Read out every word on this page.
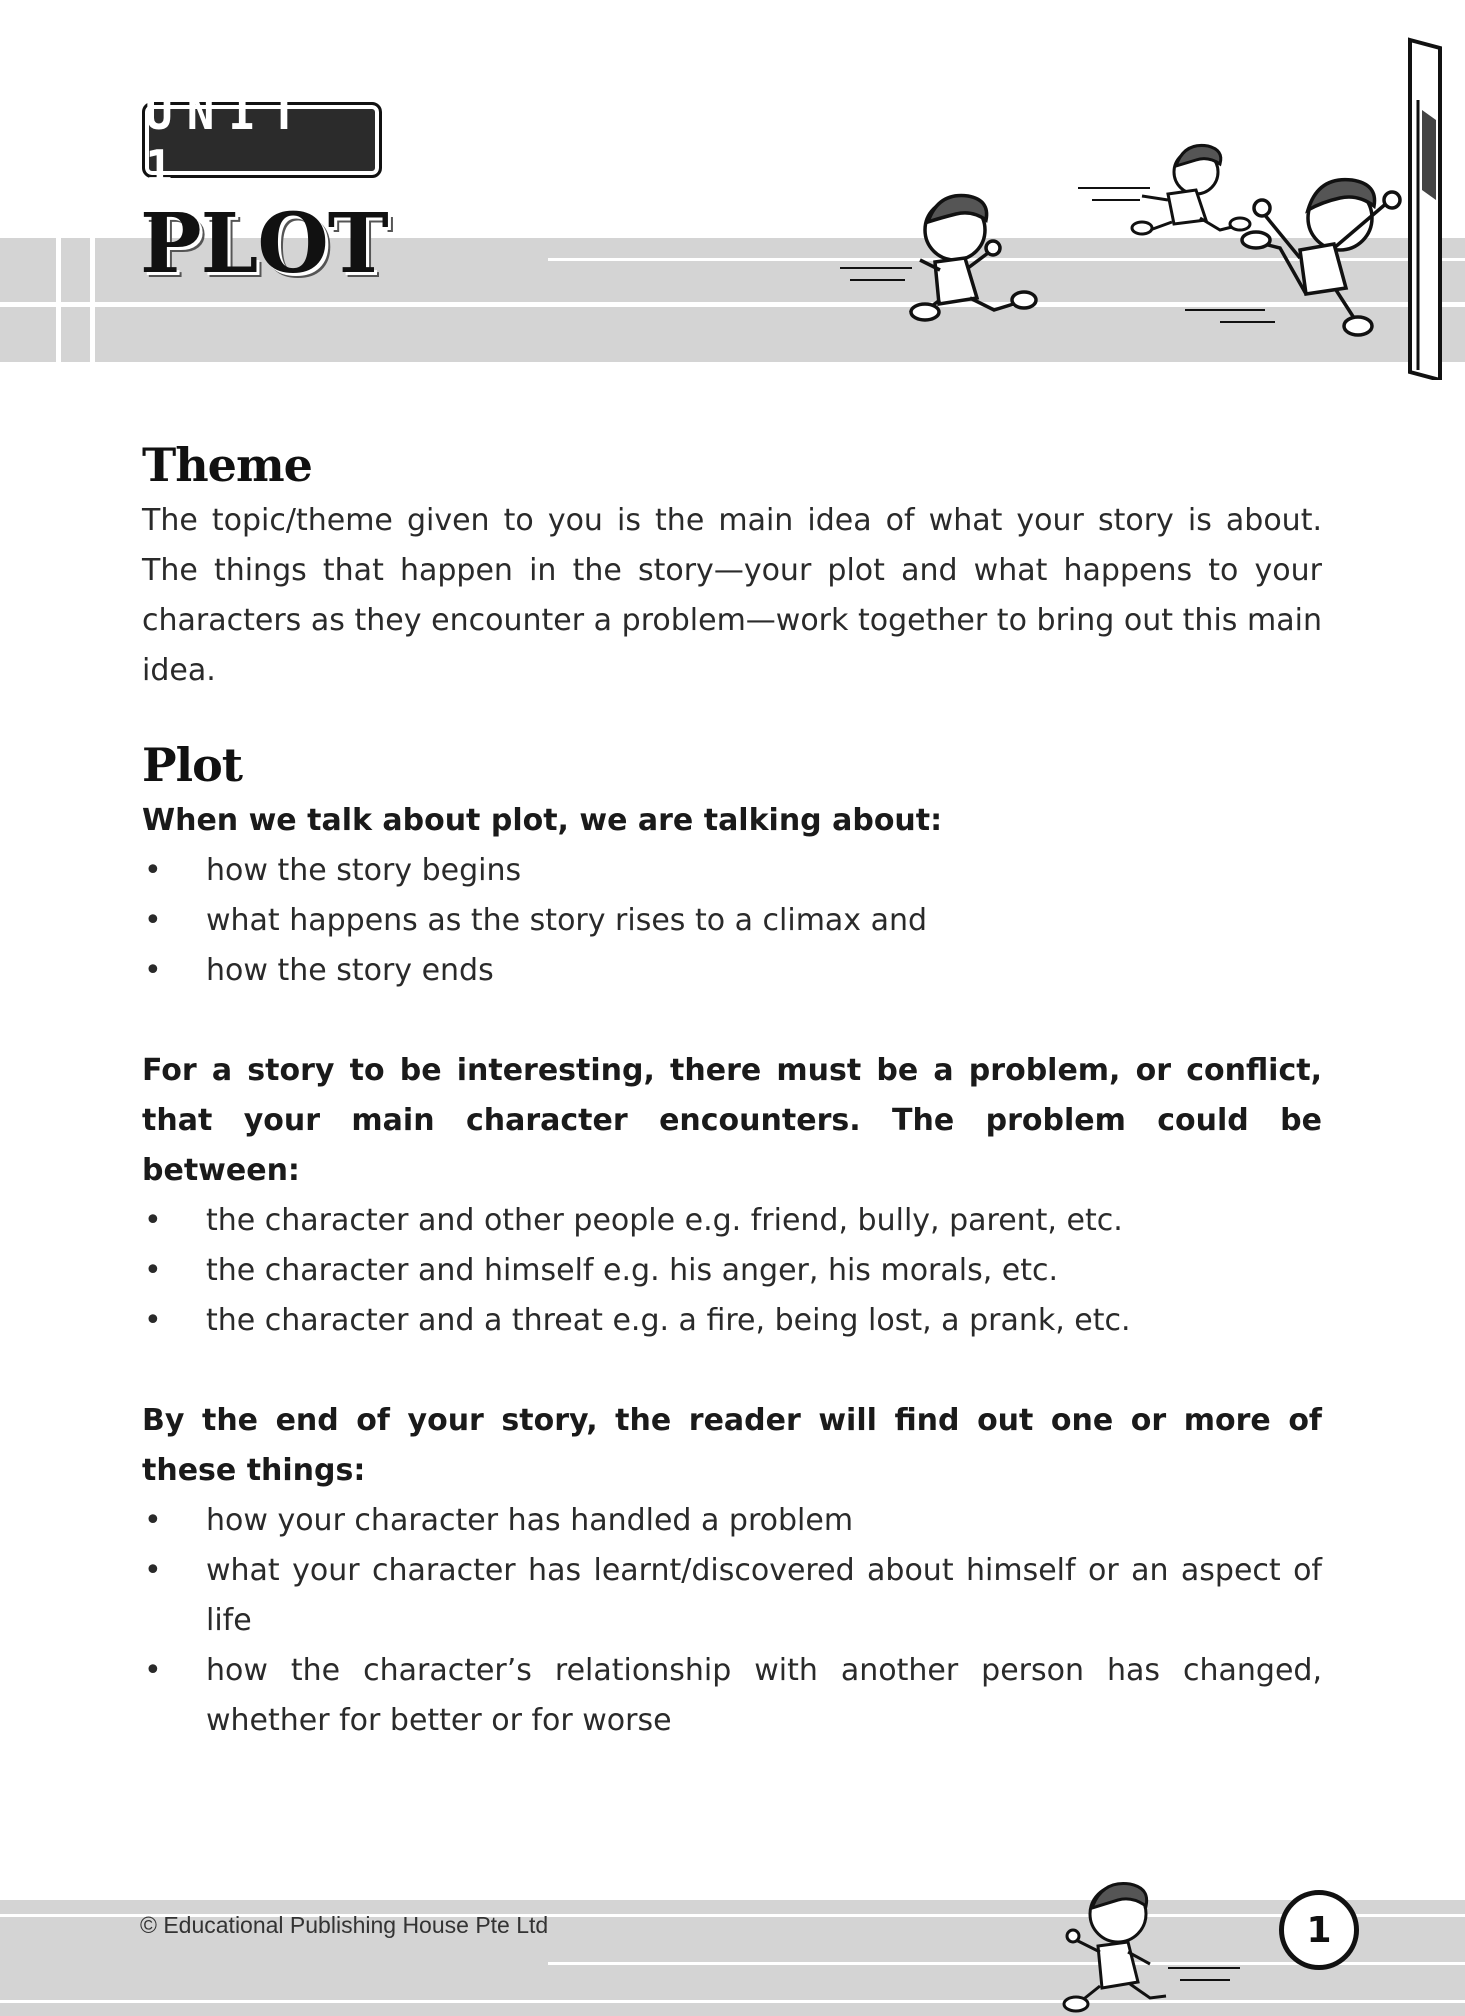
UNIT 1
PLOT
Theme

The topic/theme given to you is the main idea of what your story is about. The things that happen in the story—your plot and what happens to your characters as they encounter a problem—work together to bring out this main idea.

Plot

When we talk about plot, we are talking about:

• how the story begins
• what happens as the story rises to a climax and
• how the story ends

For a story to be interesting, there must be a problem, or conflict, that your main character encounters. The problem could be between:

• the character and other people e.g. friend, bully, parent, etc.
• the character and himself e.g. his anger, his morals, etc.
• the character and a threat e.g. a fire, being lost, a prank, etc.

By the end of your story, the reader will find out one or more of these things:

• how your character has handled a problem
• what your character has learnt/discovered about himself or an aspect of life
• how the character’s relationship with another person has changed, whether for better or for worse
© Educational Publishing House Pte Ltd	1
